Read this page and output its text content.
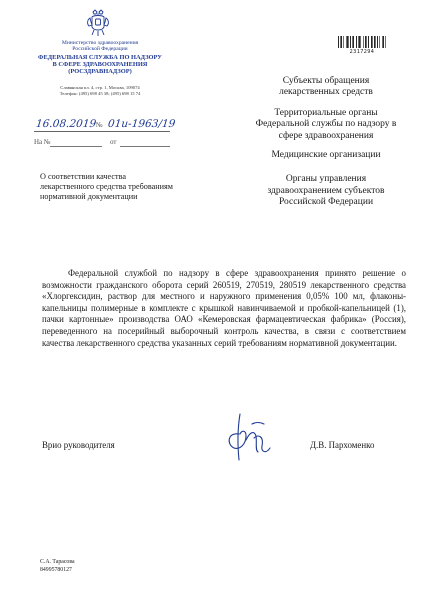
Министерство здравоохранения
Российской Федерации
ФЕДЕРАЛЬНАЯ СЛУЖБА ПО НАДЗОРУ
В СФЕРЕ ЗДРАВООХРАНЕНИЯ
(РОСЗДРАВНАДЗОР)
Славянская пл. 4, стр. 1, Москва, 109074
Телефон: (495) 698 45 38; (495) 698 15 74
2317294
16.08.2019 № 01и-1963/19
На №	от
О соответствии качества
лекарственного средства требованиям
нормативной документации
Субъекты обращения
лекарственных средств
Территориальные органы
Федеральной службы по надзору в
сфере здравоохранения
Медицинские организации
Органы управления
здравоохранением субъектов
Российской Федерации

Федеральной службой по надзору в сфере здравоохранения принято решение о возможности гражданского оборота серий 260519, 270519, 280519 лекарственного средства «Хлоргексидин, раствор для местного и наружного применения 0,05% 100 мл, флаконы-капельницы полимерные в комплекте с крышкой навинчиваемой и пробкой-капельницей (1), пачки картонные» производства ОАО «Кемеровская фармацевтическая фабрика» (Россия), переведенного на посерийный выборочный контроль качества, в связи с соответствием качества лекарственного средства указанных серий требованиям нормативной документации.

Врио руководителя	Д.В. Пархоменко
С.А. Тарасова
84995780127
